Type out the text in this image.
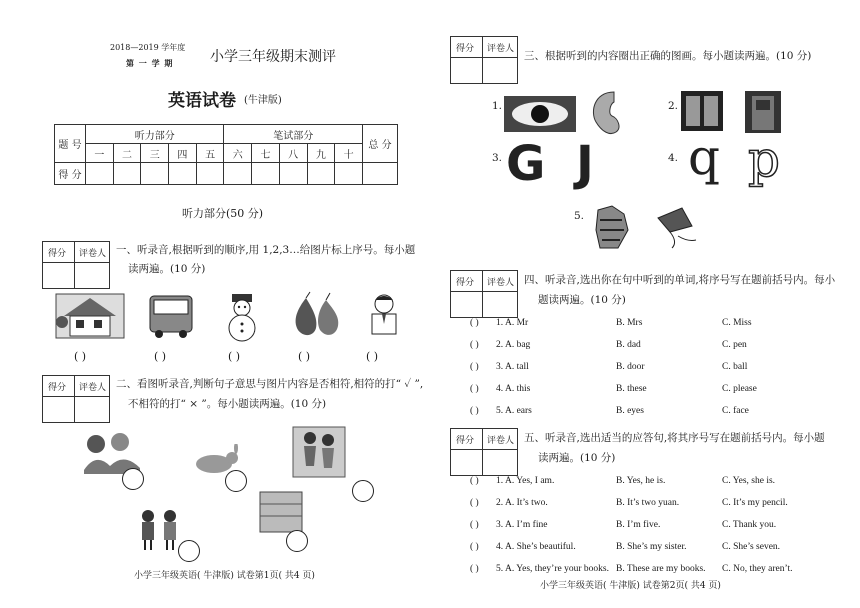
2018—2019 学年度
第 一 学 期	小学三年级期末测评
英语试卷 (牛津版)
题 号	听力部分					笔试部分					总 分
	一	二	三	四	五	六	七	八	九	十	
得 分											
听力部分(50 分)
得分 评卷人 一、听录音,根据听到的顺序,用 1,2,3…给图片标上序号。每小题
读两遍。(10 分)
( )	( )	( )	( )	( )
得分 评卷人 二、看图听录音,判断句子意思与图片内容是否相符,相符的打“ ✓ ”,
不相符的打“ × ”。每小题读两遍。(10 分)
小学三年级英语( 牛津版) 试卷第1页( 共4 页)
得分 评卷人
三、根据听到的内容圈出正确的图画。每小题读两遍。(10 分)
1.	2.
3. G J	4. q p
5.
得分 评卷人 四、听录音,选出你在句中听到的单词,将序号写在题前括号内。每小
题读两遍。(10 分)
( ) 1. A. Mr	B. Mrs	C. Miss
( ) 2. A. bag	B. dad	C. pen
( ) 3. A. tall	B. door	C. ball
( ) 4. A. this	B. these	C. please
( ) 5. A. ears	B. eyes	C. face
得分 评卷人 五、听录音,选出适当的应答句,将其序号写在题前括号内。每小题
读两遍。(10 分)
( ) 1. A. Yes, I am.	B. Yes, he is.	C. Yes, she is.
( ) 2. A. It’s two.	B. It’s two yuan.	C. It’s my pencil.
( ) 3. A. I’m fine	B. I’m five.	C. Thank you.
( ) 4. A. She’s beautiful.	B. She’s my sister.	C. She’s seven.
( ) 5. A. Yes, they’re your books. B. These are my books. C. No, they aren’t.
小学三年级英语( 牛津版) 试卷第2页( 共4 页)
